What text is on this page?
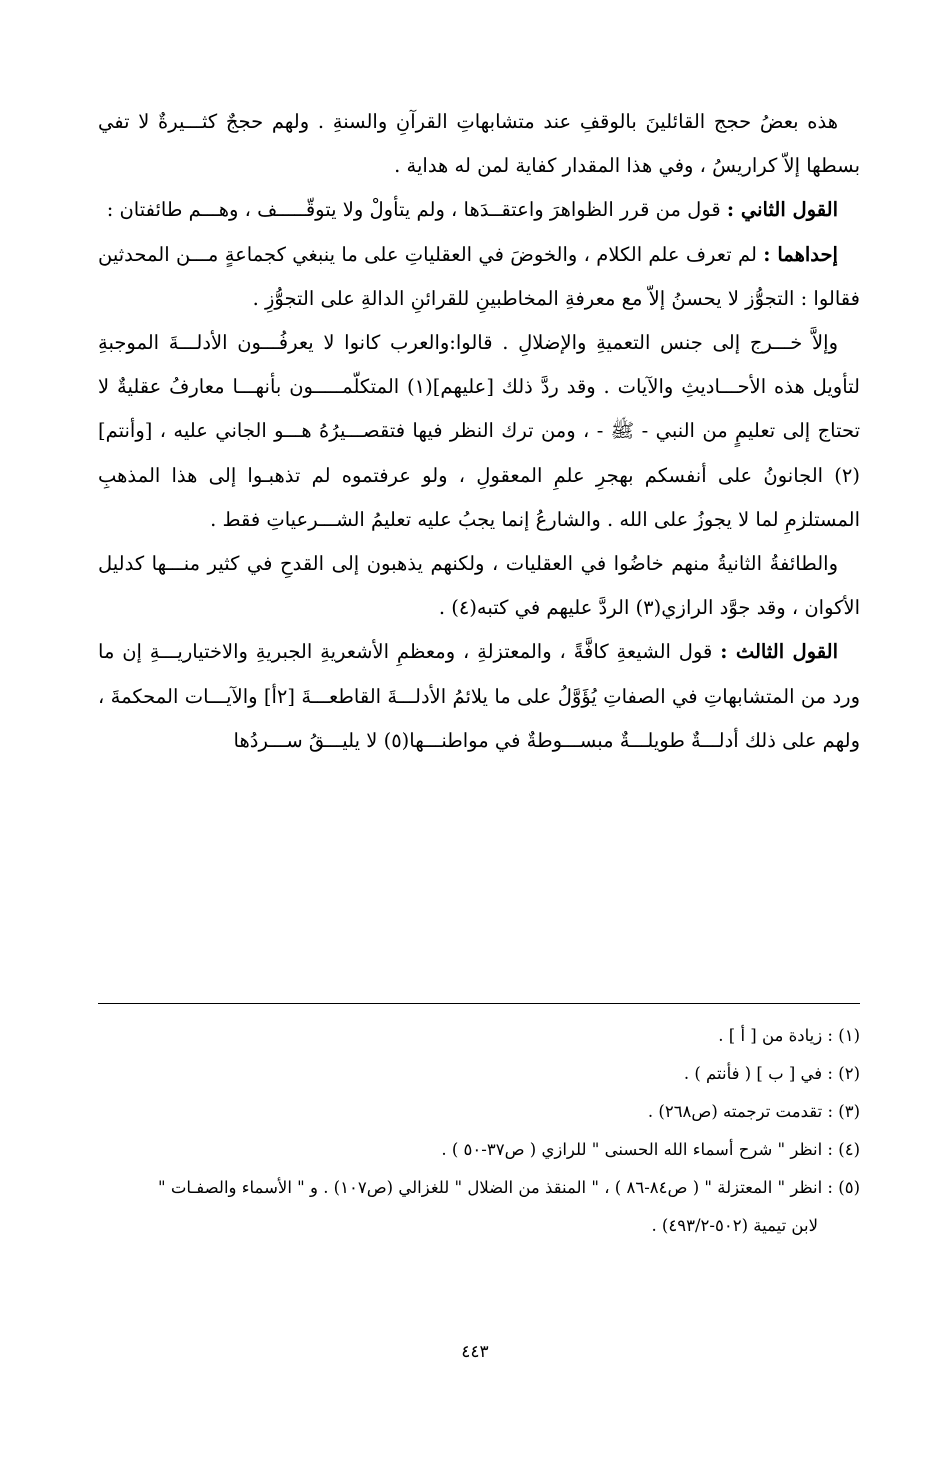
هذه بعضُ حجج القائلينَ بالوقفِ عند متشابهاتِ القرآنِ والسنةِ . ولهم حججٌ كثـــيرةٌ لا تفي بسطها إلاّ كراريسُ ، وفي هذا المقدار كفاية لمن له هداية .

القول الثاني : قول من قرر الظواهرَ واعتقــدَها ، ولم يتأولْ ولا يتوقّـــــف ، وهـــم طائفتان :

إحداهما : لم تعرف علم الكلام ، والخوضَ في العقلياتِ على ما ينبغي كجماعةٍ مـــن المحدثين فقالوا : التجوُّز لا يحسنُ إلاّ مع معرفةِ المخاطبينِ للقرائنِ الدالةِ على التجوُّزِ .

وإلاَّ خـــرج إلى جنس التعميةِ والإضلالِ . قالوا:والعرب كانوا لا يعرفُـــون الأدلـــةَ الموجبةِ لتأويل هذه الأحـــاديثِ والآيات . وقد ردَّ ذلك [عليهم](١) المتكلّمـــــون بأنهـــا معارفُ عقليةٌ لا تحتاج إلى تعليمٍ من النبي - ﷺ - ، ومن ترك النظر فيها فتقصـــيرُهُ هـــو الجاني عليه ، [وأنتم](٢) الجانونُ على أنفسكم بهجرِ علمِ المعقولِ ، ولو عرفتموه لم تذهبـوا إلى هذا المذهبِ المستلزمِ لما لا يجوزُ على الله . والشارعُ إنما يجبُ عليه تعليمُ الشـــرعياتِ فقط .

والطائفةُ الثانيةُ منهم خاضُوا في العقليات ، ولكنهم يذهبون إلى القدحِ في كثير منـــها كدليل الأكوان ، وقد جوَّد الرازي(٣) الردَّ عليهم في كتبه(٤) .

القول الثالث : قول الشيعةِ كافَّةً ، والمعتزلةِ ، ومعظمِ الأشعريةِ الجبريةِ والاختياريـــةِ إن ما ورد من المتشابهاتِ في الصفاتِ يُؤَوَّلُ على ما يلائمُ الأدلـــةَ القاطعـــةَ [٢أ] والآيـــات المحكمةَ ، ولهم على ذلك أدلـــةٌ طويلـــةٌ مبســـوطةٌ في مواطنـــها(٥) لا يليـــقُ ســـردُها

(١) : زيادة من [ أ ] .

(٢) : في [ ب ] ( فأنتم ) .

(٣) : تقدمت ترجمته (ص٢٦٨) .

(٤) : انظر " شرح أسماء الله الحسنى " للرازي ( ص٣٧-٥٠ ) .

(٥) : انظر " المعتزلة " ( ص٨٤-٨٦ ) ، " المنقذ من الضلال " للغزالي (ص١٠٧) . و " الأسماء والصفـات "

لابن تيمية (٥٠٢-٤٩٣/٢) .

٤٤٣
